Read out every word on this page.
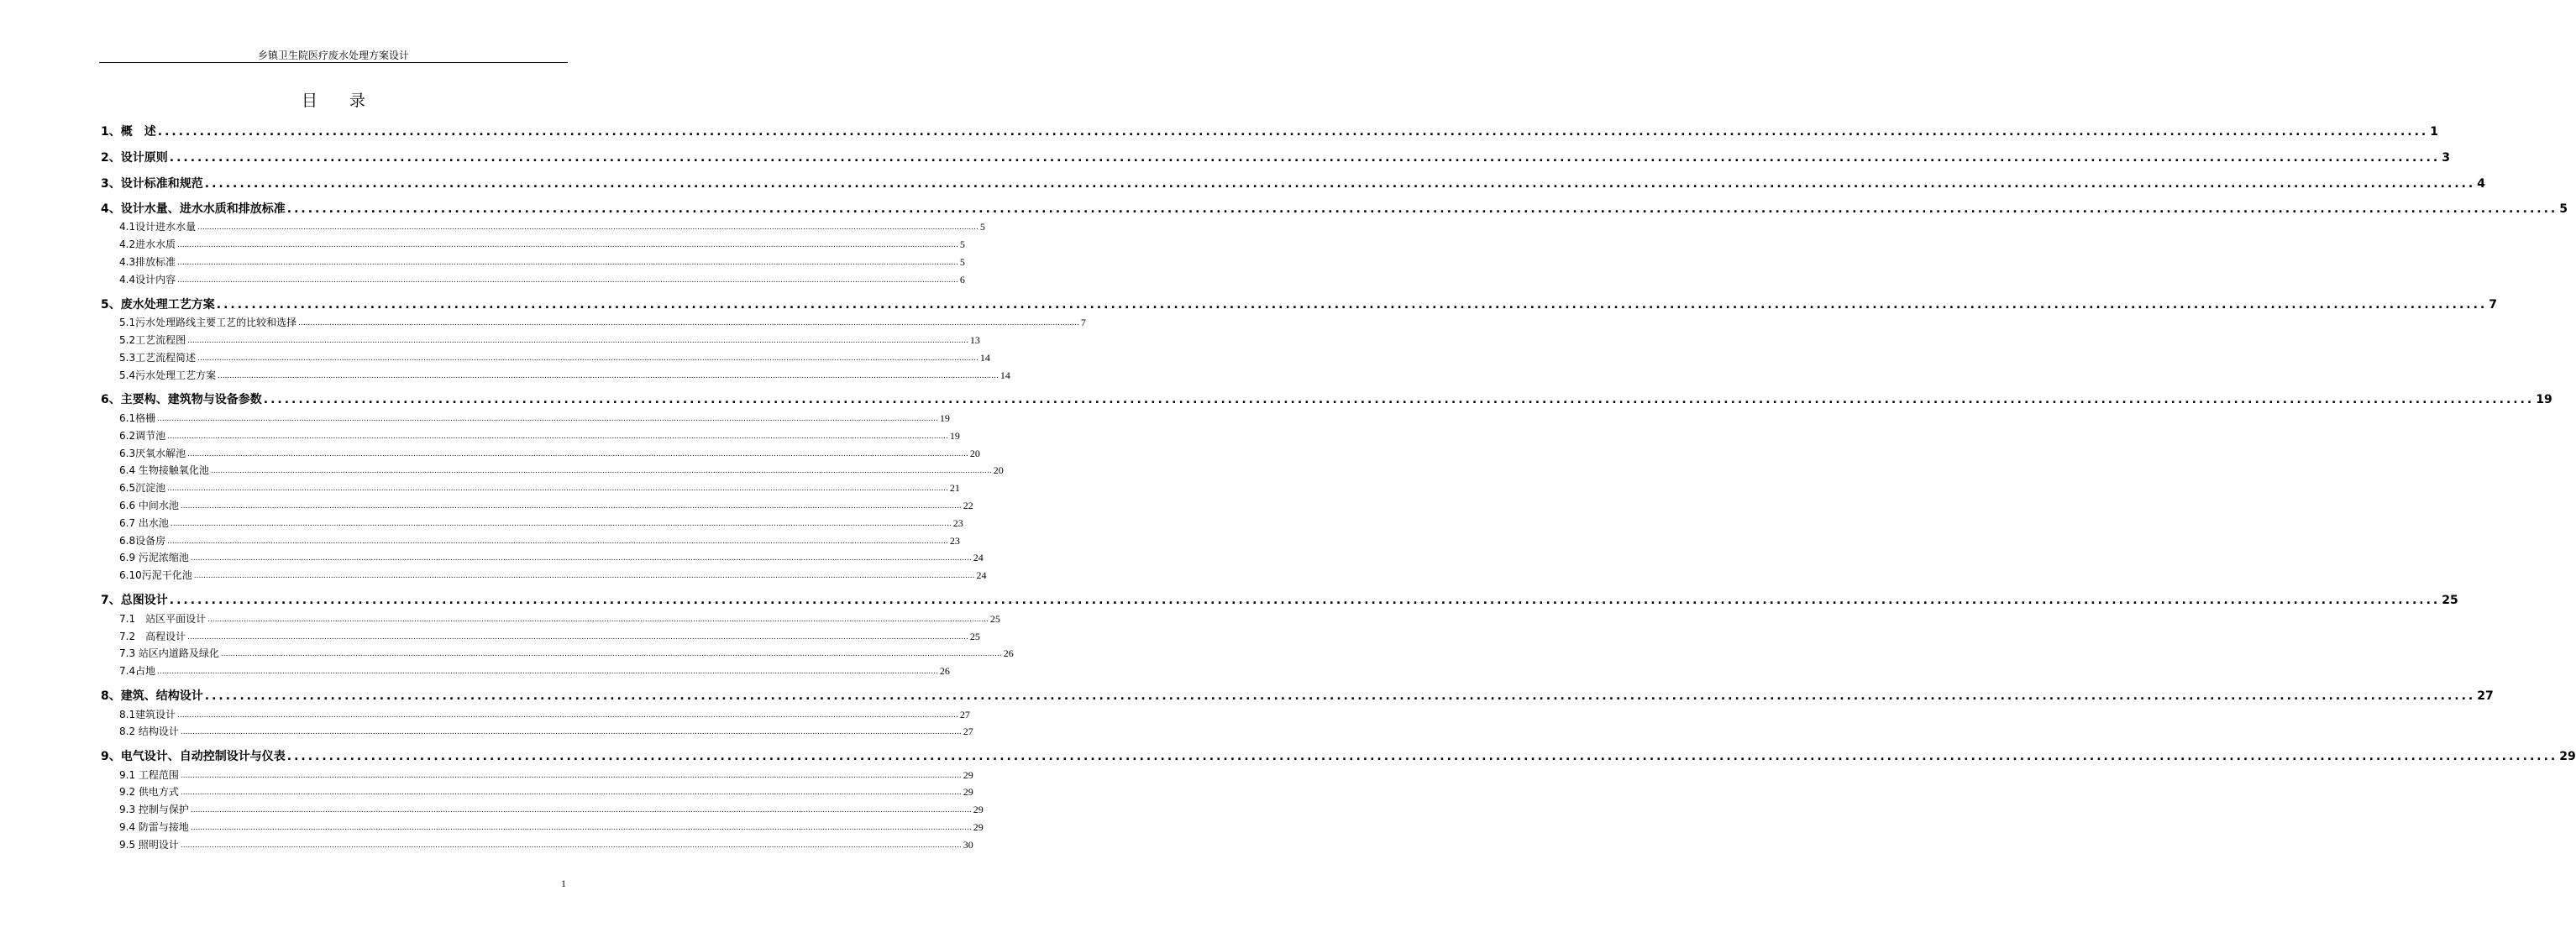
乡镇卫生院医疗废水处理方案设计
目 录
1、概　述 ..................................................................................................................................................................................................................................................................................................................................... 1
2、设计原则 ..................................................................................................................................................................................................................................................................................................................................... 3
3、设计标准和规范 ..................................................................................................................................................................................................................................................................................................................................... 4
4、设计水量、进水水质和排放标准 ..................................................................................................................................................................................................................................................................................................................................... 5
4.1设计进水水量 ..................................................................................................................................................................................................................................................................................................................................... 5
4.2进水水质 ..................................................................................................................................................................................................................................................................................................................................... 5
4.3排放标准 ..................................................................................................................................................................................................................................................................................................................................... 5
4.4设计内容 ..................................................................................................................................................................................................................................................................................................................................... 6
5、废水处理工艺方案 ..................................................................................................................................................................................................................................................................................................................................... 7
5.1污水处理路线主要工艺的比较和选择 ..................................................................................................................................................................................................................................................................................................................................... 7
5.2工艺流程图 ..................................................................................................................................................................................................................................................................................................................................... 13
5.3工艺流程简述 ..................................................................................................................................................................................................................................................................................................................................... 14
5.4污水处理工艺方案 ..................................................................................................................................................................................................................................................................................................................................... 14
6、主要构、建筑物与设备参数 ..................................................................................................................................................................................................................................................................................................................................... 19
6.1格栅 ..................................................................................................................................................................................................................................................................................................................................... 19
6.2调节池 ..................................................................................................................................................................................................................................................................................................................................... 19
6.3厌氧水解池 ..................................................................................................................................................................................................................................................................................................................................... 20
6.4 生物接触氧化池 ..................................................................................................................................................................................................................................................................................................................................... 20
6.5沉淀池 ..................................................................................................................................................................................................................................................................................................................................... 21
6.6 中间水池 ..................................................................................................................................................................................................................................................................................................................................... 22
6.7 出水池 ..................................................................................................................................................................................................................................................................................................................................... 23
6.8设备房 ..................................................................................................................................................................................................................................................................................................................................... 23
6.9 污泥浓缩池 ..................................................................................................................................................................................................................................................................................................................................... 24
6.10污泥干化池 ..................................................................................................................................................................................................................................................................................................................................... 24
7、总图设计 ..................................................................................................................................................................................................................................................................................................................................... 25
7.1　站区平面设计 ..................................................................................................................................................................................................................................................................................................................................... 25
7.2　高程设计 ..................................................................................................................................................................................................................................................................................................................................... 25
7.3 站区内道路及绿化 ..................................................................................................................................................................................................................................................................................................................................... 26
7.4占地 ..................................................................................................................................................................................................................................................................................................................................... 26
8、建筑、结构设计 ..................................................................................................................................................................................................................................................................................................................................... 27
8.1建筑设计 ..................................................................................................................................................................................................................................................................................................................................... 27
8.2 结构设计 ..................................................................................................................................................................................................................................................................................................................................... 27
9、电气设计、自动控制设计与仪表 ..................................................................................................................................................................................................................................................................................................................................... 29
9.1 工程范围 ..................................................................................................................................................................................................................................................................................................................................... 29
9.2 供电方式 ..................................................................................................................................................................................................................................................................................................................................... 29
9.3 控制与保护 ..................................................................................................................................................................................................................................................................................................................................... 29
9.4 防雷与接地 ..................................................................................................................................................................................................................................................................................................................................... 29
9.5 照明设计 ..................................................................................................................................................................................................................................................................................................................................... 30
1
